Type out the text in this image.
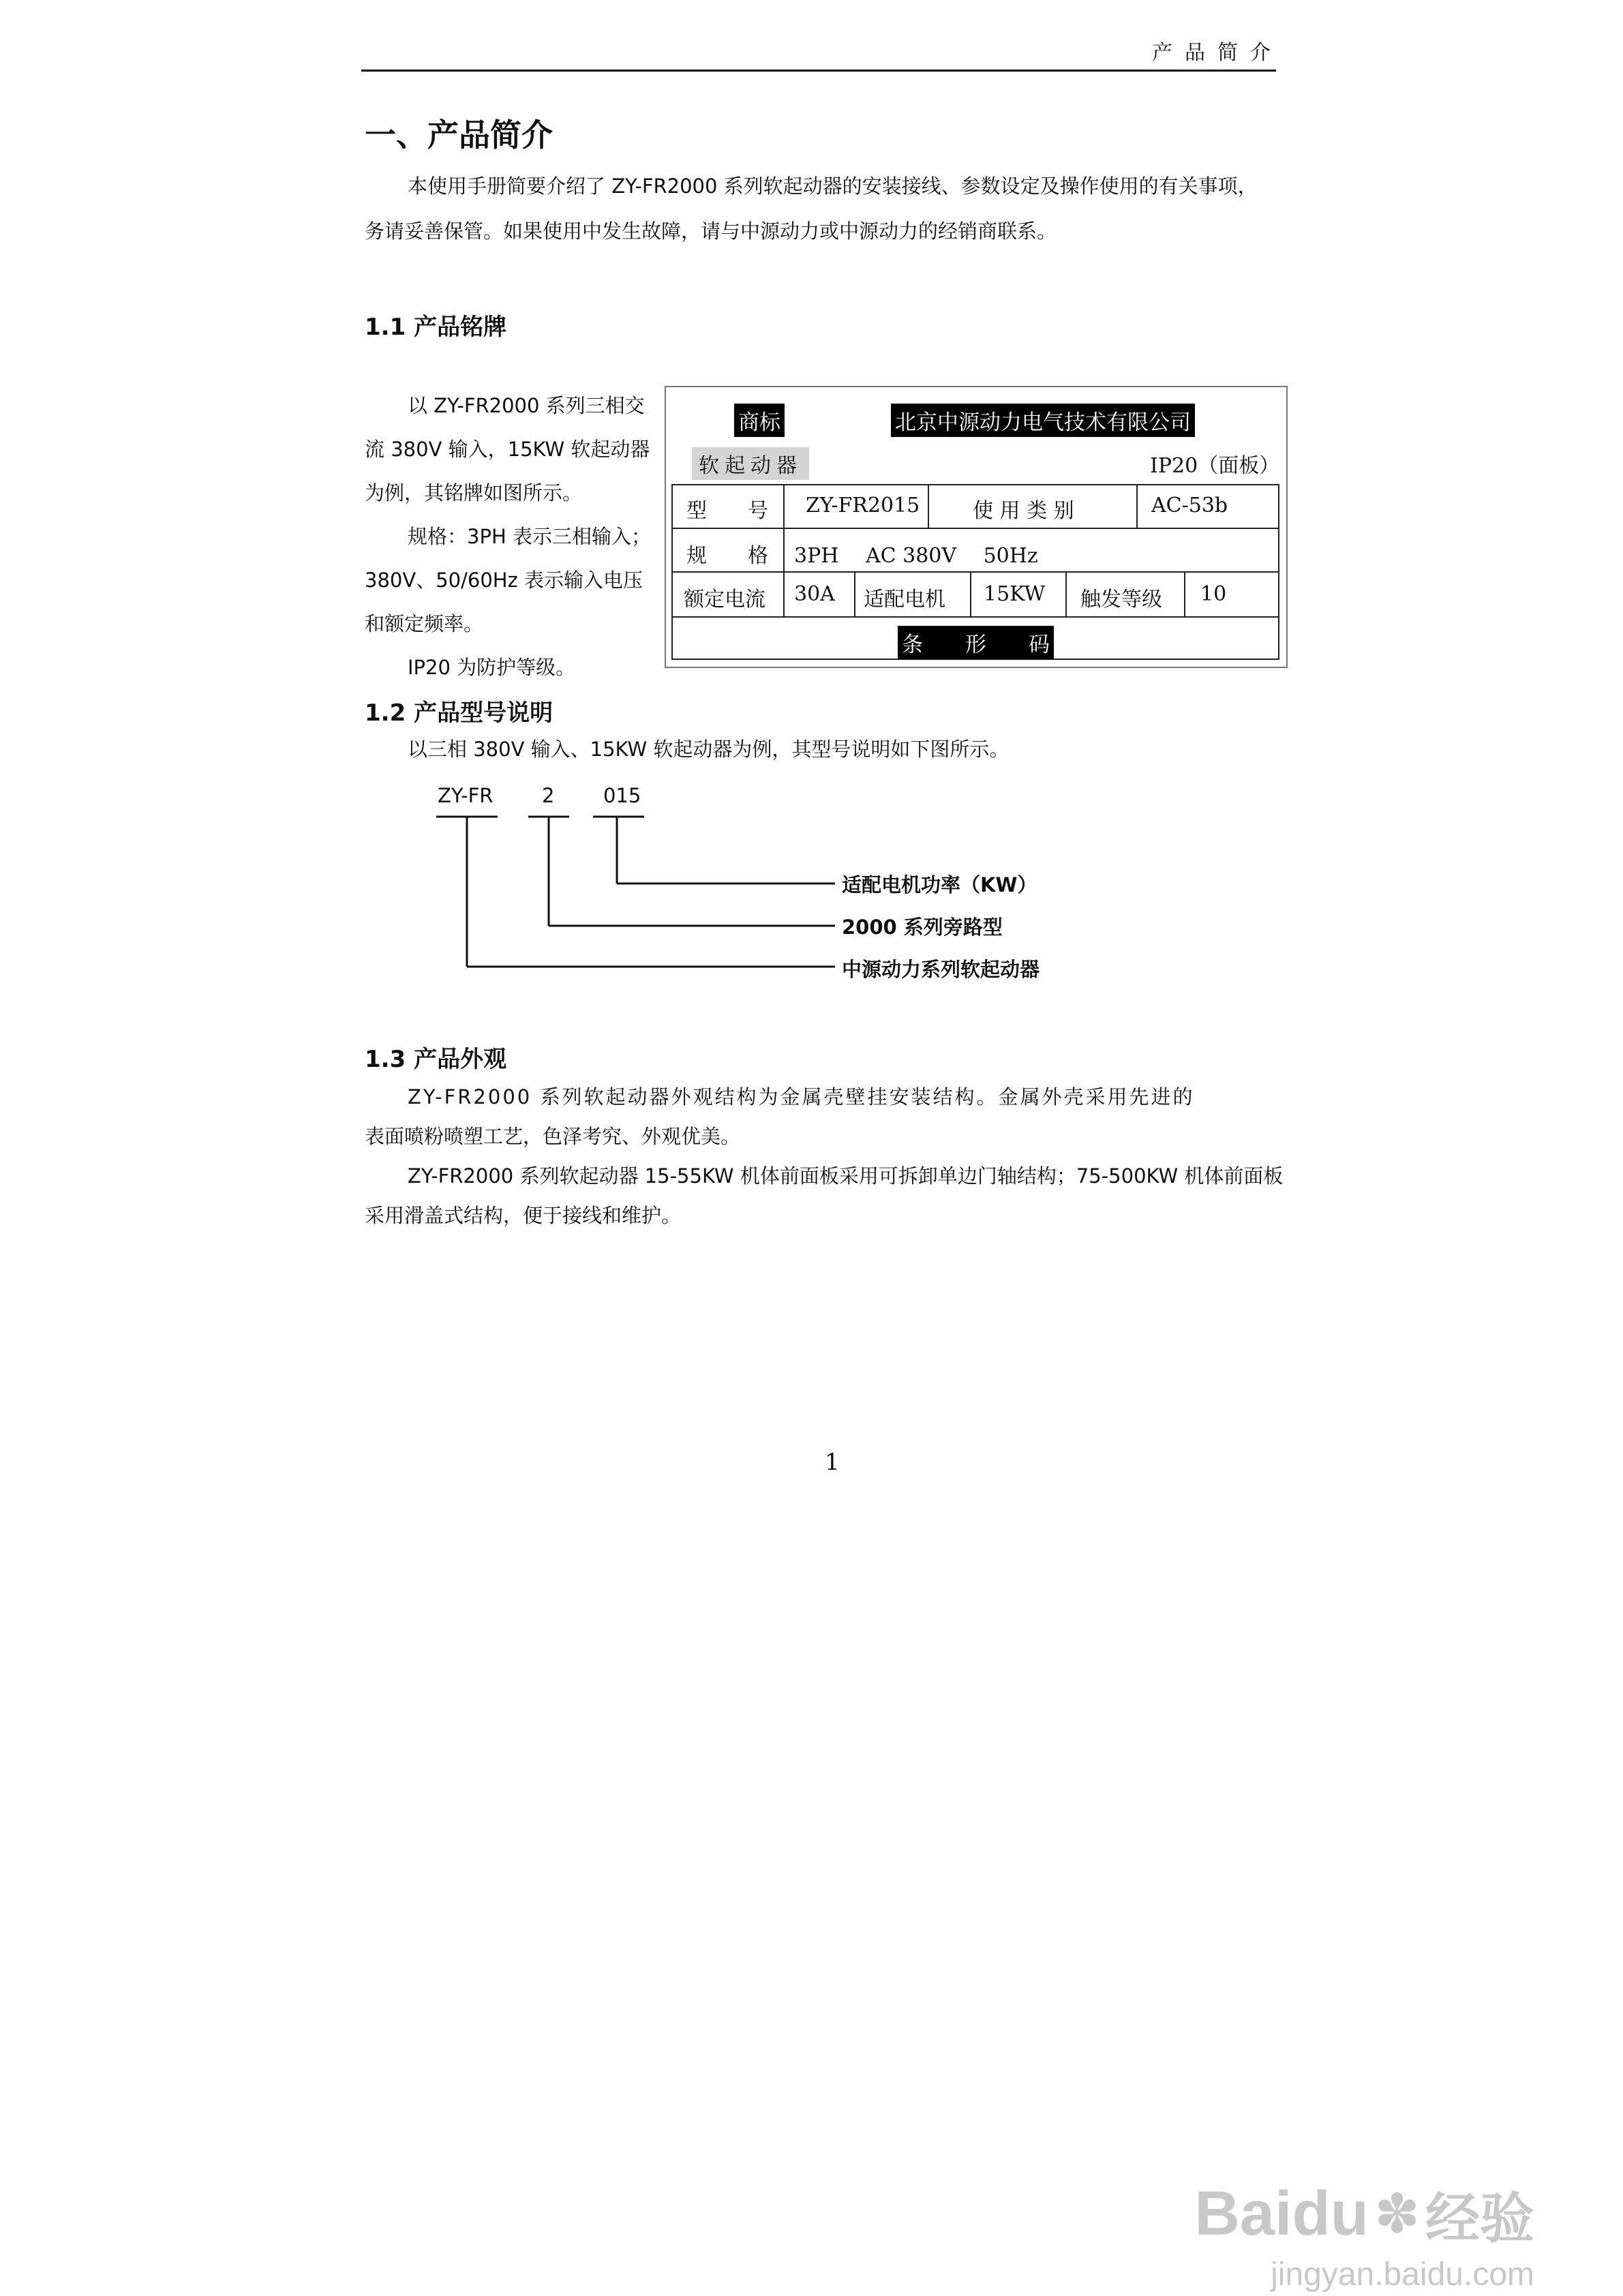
产品简介
一、产品简介
本使用手册简要介绍了 ZY-FR2000 系列软起动器的安装接线、参数设定及操作使用的有关事项，
务请妥善保管。如果使用中发生故障，请与中源动力或中源动力的经销商联系。
1.1 产品铭牌
以 ZY-FR2000 系列三相交
流 380V 输入，15KW 软起动器
为例，其铭牌如图所示。
规格：3PH 表示三相输入；
380V、50/60Hz 表示输入电压
和额定频率。
IP20 为防护等级。
商标	北京中源动力电气技术有限公司
软起动器	IP20（面板）
型　　号 ZY-FR2015	使 用 类 别	AC-53b
规　　格 3PH　 AC 380V　 50Hz
额定电流 30A 适配电机 15KW 触发等级 10
条　　形　　码
1.2 产品型号说明
以三相 380V 输入、15KW 软起动器为例，其型号说明如下图所示。
ZY-FR 2 015
适配电机功率（KW）
2000 系列旁路型
中源动力系列软起动器
1.3 产品外观
ZY-FR2000 系列软起动器外观结构为金属壳壁挂安装结构。金属外壳采用先进的
表面喷粉喷塑工艺，色泽考究、外观优美。
ZY-FR2000 系列软起动器 15-55KW 机体前面板采用可拆卸单边门轴结构；75-500KW 机体前面板
采用滑盖式结构，便于接线和维护。
1
Baidu ✽ 经验
jingyan.baidu.com
